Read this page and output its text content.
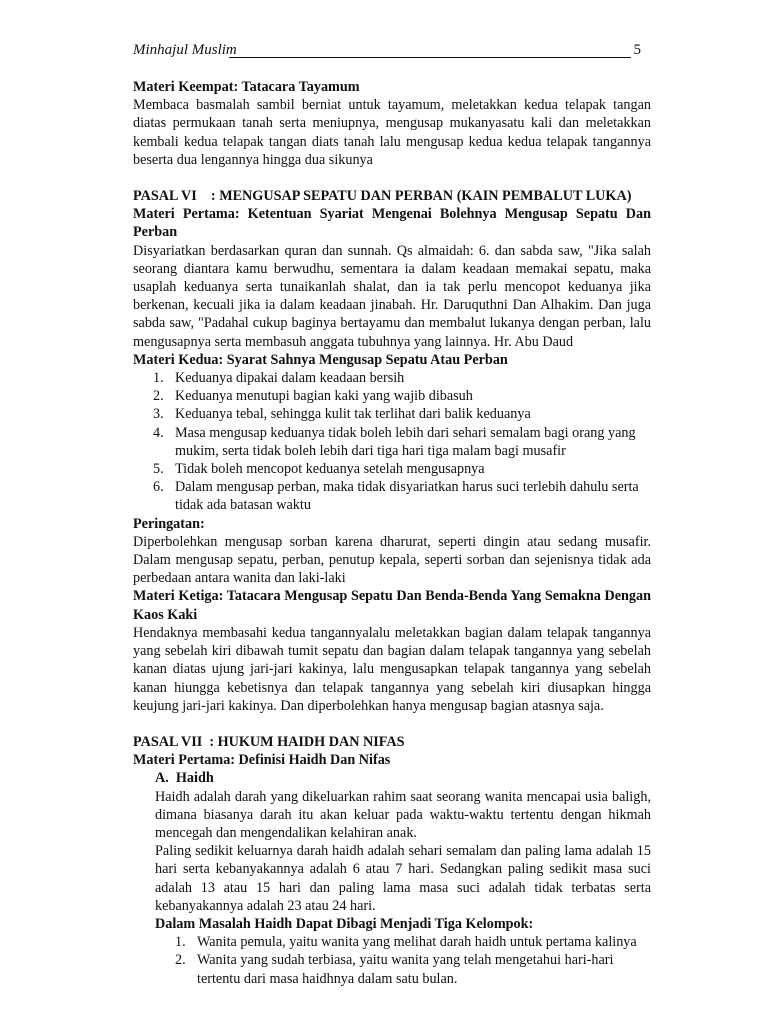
Minhajul Muslim	5

Materi Keempat: Tatacara Tayamum

Membaca basmalah sambil berniat untuk tayamum, meletakkan kedua telapak tangan diatas permukaan tanah serta meniupnya, mengusap mukanyasatu kali dan meletakkan kembali kedua telapak tangan diats tanah lalu mengusap kedua kedua telapak tangannya beserta dua lengannya hingga dua sikunya

PASAL VI    : MENGUSAP SEPATU DAN PERBAN (KAIN PEMBALUT LUKA)

Materi Pertama: Ketentuan Syariat Mengenai Bolehnya Mengusap Sepatu Dan Perban

Disyariatkan berdasarkan quran dan sunnah. Qs almaidah: 6. dan sabda saw, "Jika salah seorang diantara kamu berwudhu, sementara ia dalam keadaan memakai sepatu, maka usaplah keduanya serta tunaikanlah shalat, dan ia tak perlu mencopot keduanya jika berkenan, kecuali jika ia dalam keadaan jinabah. Hr. Daruquthni Dan Alhakim. Dan juga sabda saw, "Padahal cukup baginya bertayamu dan membalut lukanya dengan perban, lalu mengusapnya serta membasuh anggata tubuhnya yang lainnya. Hr. Abu Daud

Materi Kedua: Syarat Sahnya Mengusap Sepatu Atau Perban

1. Keduanya dipakai dalam keadaan bersih
2. Keduanya menutupi bagian kaki yang wajib dibasuh
3. Keduanya tebal, sehingga kulit tak terlihat dari balik keduanya
4. Masa mengusap keduanya tidak boleh lebih dari sehari semalam bagi orang yang mukim, serta tidak boleh lebih dari tiga hari tiga malam bagi musafir
5. Tidak boleh mencopot keduanya setelah mengusapnya
6. Dalam mengusap perban, maka tidak disyariatkan harus suci terlebih dahulu serta tidak ada batasan waktu

Peringatan:

Diperbolehkan mengusap sorban karena dharurat, seperti dingin atau sedang musafir. Dalam mengusap sepatu, perban, penutup kepala, seperti sorban dan sejenisnya tidak ada perbedaan antara wanita dan laki-laki

Materi Ketiga: Tatacara Mengusap Sepatu Dan Benda-Benda Yang Semakna Dengan Kaos Kaki

Hendaknya membasahi kedua tangannyalalu meletakkan bagian dalam telapak tangannya yang sebelah kiri dibawah tumit sepatu dan bagian dalam telapak tangannya yang sebelah kanan diatas ujung jari-jari kakinya, lalu mengusapkan telapak tangannya yang sebelah kanan hiungga kebetisnya dan telapak tangannya yang sebelah kiri diusapkan hingga keujung jari-jari kakinya. Dan diperbolehkan hanya mengusap bagian atasnya saja.

PASAL VII  : HUKUM HAIDH DAN NIFAS

Materi Pertama: Definisi Haidh Dan Nifas

A.  Haidh

Haidh adalah darah yang dikeluarkan rahim saat seorang wanita mencapai usia baligh, dimana biasanya darah itu akan keluar pada waktu-waktu tertentu dengan hikmah mencegah dan mengendalikan kelahiran anak.

Paling sedikit keluarnya darah haidh adalah sehari semalam dan paling lama adalah 15 hari serta kebanyakannya adalah 6 atau 7 hari. Sedangkan paling sedikit masa suci adalah 13 atau 15 hari dan paling lama masa suci adalah tidak terbatas serta kebanyakannya adalah 23 atau 24 hari.

Dalam Masalah Haidh Dapat Dibagi Menjadi Tiga Kelompok:

1. Wanita pemula, yaitu wanita yang melihat darah haidh untuk pertama kalinya
2. Wanita yang sudah terbiasa, yaitu wanita yang telah mengetahui hari-hari tertentu dari masa haidhnya dalam satu bulan.
